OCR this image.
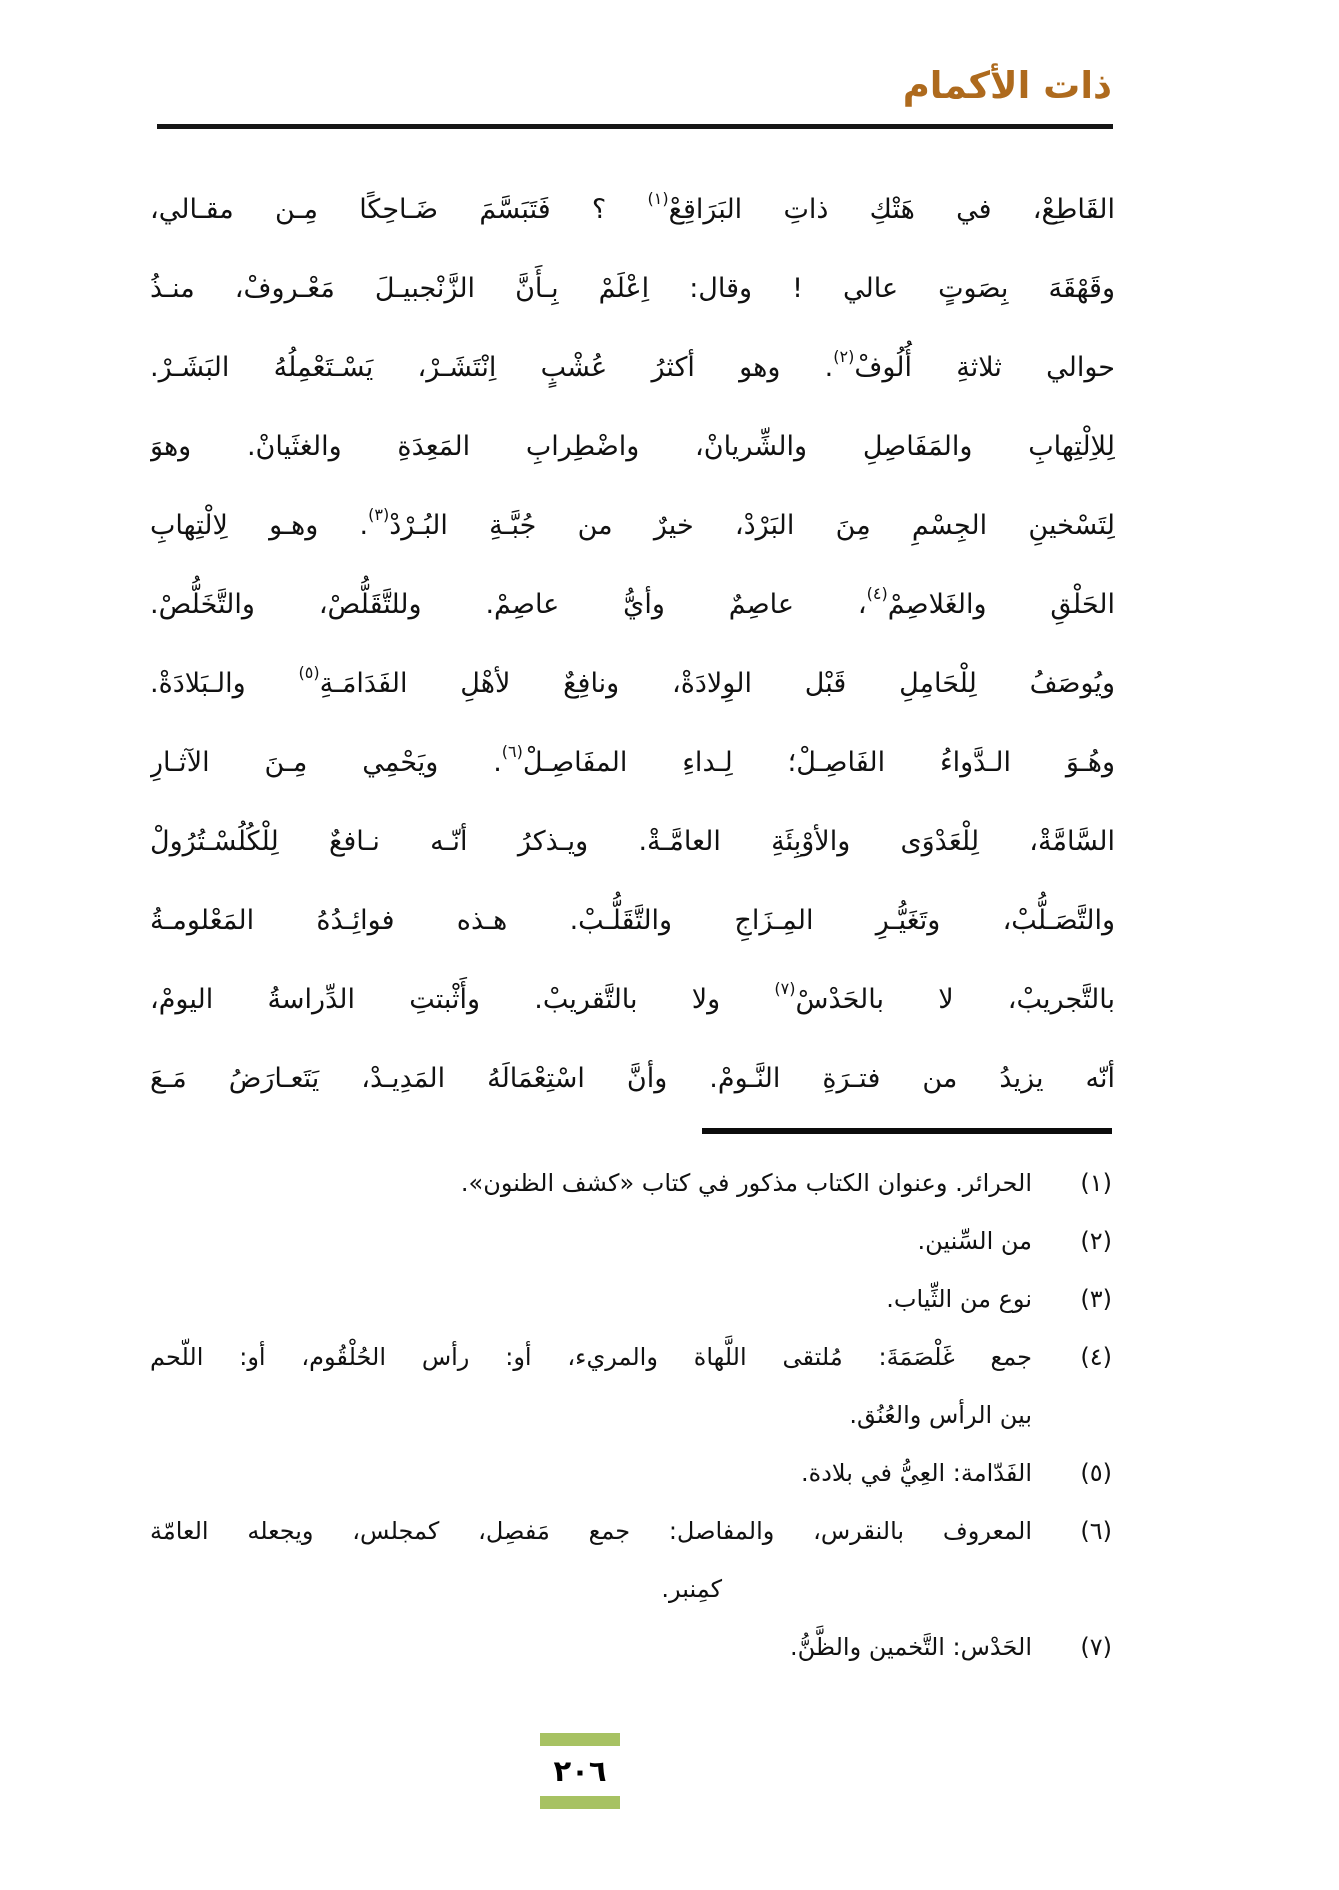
ذات الأكمام
القَاطِعْ، في هَتْكِ ذاتِ البَرَاقِعْ$^{(١)}$ ؟ فَتَبَسَّمَ ضَـاحِكًا مِـن مقـالي،
وقَهْقَهَ بِصَوتٍ عالي ! وقال: اِعْلَمْ بِـأَنَّ الزَّنْجبيـلَ مَعْـروفْ، منـذُ
حوالي ثلاثةِ أُلُوفْ$^{(٢)}$. وهو أكثرُ عُشْبٍ اِنْتَشَـرْ، يَسْـتَعْمِلُهُ البَشَـرْ.
لِلاِلْتِهابِ والمَفَاصِلِ والشِّريانْ، واضْطِرابِ المَعِدَةِ والغثَيانْ. وهوَ
لِتَسْخينِ الجِسْمِ مِنَ البَرْدْ، خيرٌ من جُبَّـةِ البُـرْدْ$^{(٣)}$. وهـو لِالْتِهابِ
الحَلْقِ والغَلاصِمْ$^{(٤)}$، عاصِمٌ وأيُّ عاصِمْ. وللتَّقَلُّصْ، والتَّخَلُّصْ.
ويُوصَفُ لِلْحَامِلِ قَبْل الوِلادَةْ، ونافِعٌ لأهْلِ الفَدَامَـةِ$^{(٥)}$ والـبَلادَةْ.
وهُـوَ الـدَّواءُ الفَاصِـلْ؛ لِـداءِ المفَاصِـلْ$^{(٦)}$. ويَحْمِي مِـنَ الآثـارِ
السَّامَّةْ، لِلْعَدْوَى والأوْبِئَةِ العامَّـةْ. ويـذكرُ أنّـه نـافعٌ لِلْكُلُسْـتُرُولْ
والتَّصَـلُّبْ، وتَغَيُّـرِ المِـزَاجِ والتَّقَلُّـبْ. هـذه فوائِـدُهُ المَعْلومـةُ
بالتَّجريبْ، لا بالحَدْسْ$^{(٧)}$ ولا بالتَّقريبْ. وأَثْبتتِ الدِّراسةُ اليومْ،
أنّه يزيدُ من فتـرَةِ النَّـومْ. وأنَّ اسْتِعْمَالَهُ المَدِيـدْ، يَتَعـارَضُ مَـعَ
(١)
الحرائر. وعنوان الكتاب مذكور في كتاب «كشف الظنون».
(٢)
من السِّنين.
(٣)
نوع من الثِّياب.
(٤)
جمع غَلْصَمَةَ: مُلتقى اللَّهاة والمريء، أو: رأس الحُلْقُوم، أو: اللّحم
بين الرأس والعُنُق.
(٥)
الفَدّامة: العِيُّ في بلادة.
(٦)
المعروف بالنقرس، والمفاصل: جمع مَفصِل، كمجلس، ويجعله العامّة
كمِنبر.
(٧)
الحَدْس: التَّخمين والظَّنُّ.
٢٠٦
